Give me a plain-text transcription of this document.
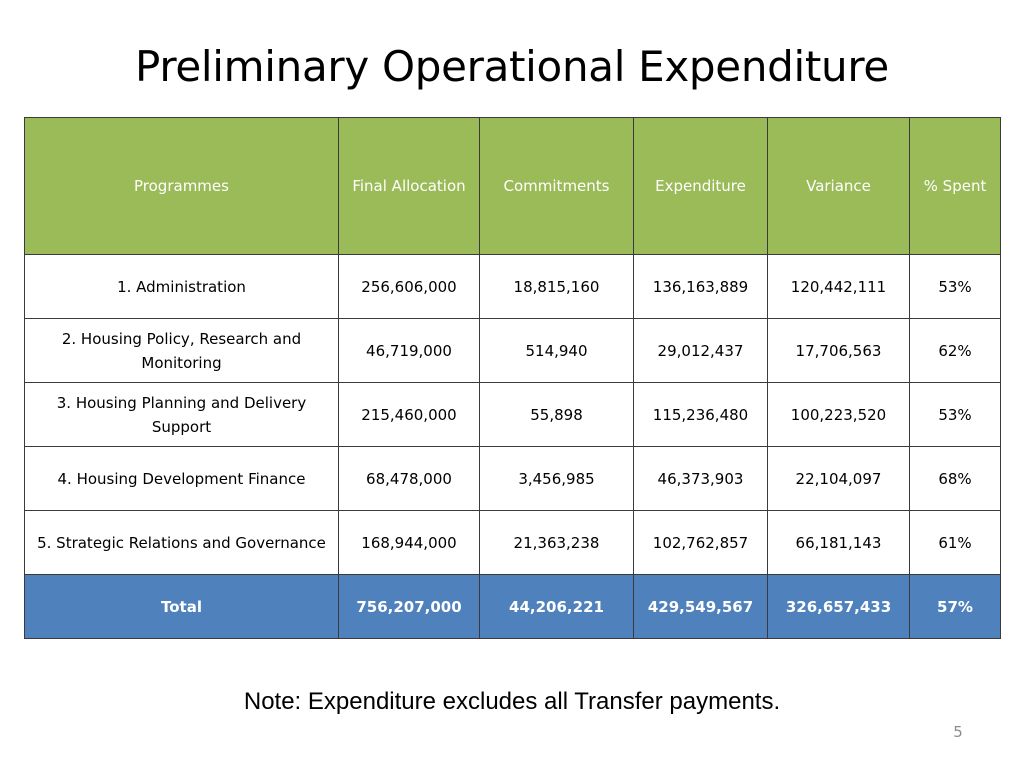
Preliminary Operational Expenditure
Programmes	Final Allocation	Commitments	Expenditure	Variance	% Spent
1. Administration	256,606,000	18,815,160	136,163,889	120,442,111	53%
2. Housing Policy, Research and Monitoring	46,719,000	514,940	29,012,437	17,706,563	62%
3. Housing Planning and Delivery Support	215,460,000	55,898	115,236,480	100,223,520	53%
4. Housing Development Finance	68,478,000	3,456,985	46,373,903	22,104,097	68%
5. Strategic Relations and Governance	168,944,000	21,363,238	102,762,857	66,181,143	61%
Total	756,207,000	44,206,221	429,549,567	326,657,433	57%
Note: Expenditure excludes all Transfer payments.
5
